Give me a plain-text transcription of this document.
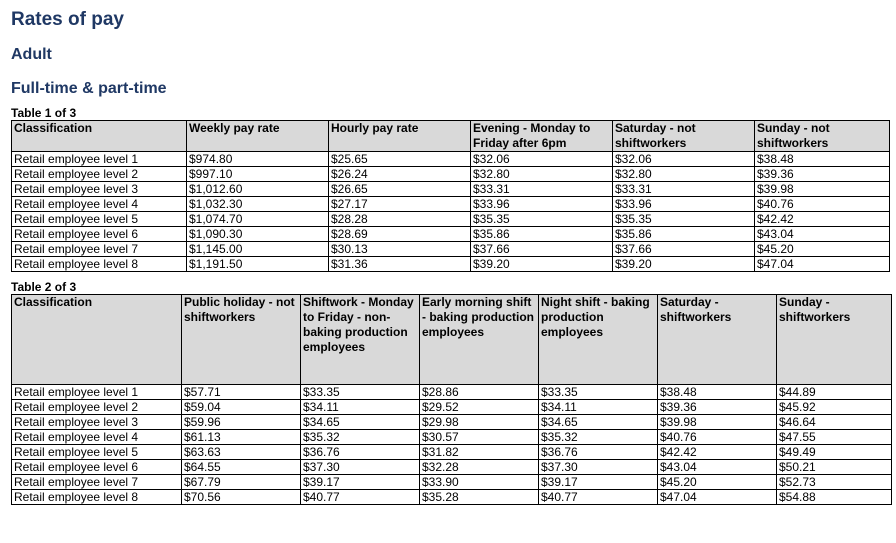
Rates of pay
Adult
Full-time & part-time

Table 1 of 3

Classification	Weekly pay rate	Hourly pay rate	Evening - Monday to Friday after 6pm	Saturday - not shiftworkers	Sunday - not shiftworkers
Retail employee level 1	$974.80	$25.65	$32.06	$32.06	$38.48
Retail employee level 2	$997.10	$26.24	$32.80	$32.80	$39.36
Retail employee level 3	$1,012.60	$26.65	$33.31	$33.31	$39.98
Retail employee level 4	$1,032.30	$27.17	$33.96	$33.96	$40.76
Retail employee level 5	$1,074.70	$28.28	$35.35	$35.35	$42.42
Retail employee level 6	$1,090.30	$28.69	$35.86	$35.86	$43.04
Retail employee level 7	$1,145.00	$30.13	$37.66	$37.66	$45.20
Retail employee level 8	$1,191.50	$31.36	$39.20	$39.20	$47.04

Table 2 of 3

Classification	Public holiday - not shiftworkers	Shiftwork - Monday to Friday - non-baking production employees	Early morning shift - baking production employees	Night shift - baking production employees	Saturday - shiftworkers	Sunday - shiftworkers
Retail employee level 1	$57.71	$33.35	$28.86	$33.35	$38.48	$44.89
Retail employee level 2	$59.04	$34.11	$29.52	$34.11	$39.36	$45.92
Retail employee level 3	$59.96	$34.65	$29.98	$34.65	$39.98	$46.64
Retail employee level 4	$61.13	$35.32	$30.57	$35.32	$40.76	$47.55
Retail employee level 5	$63.63	$36.76	$31.82	$36.76	$42.42	$49.49
Retail employee level 6	$64.55	$37.30	$32.28	$37.30	$43.04	$50.21
Retail employee level 7	$67.79	$39.17	$33.90	$39.17	$45.20	$52.73
Retail employee level 8	$70.56	$40.77	$35.28	$40.77	$47.04	$54.88
